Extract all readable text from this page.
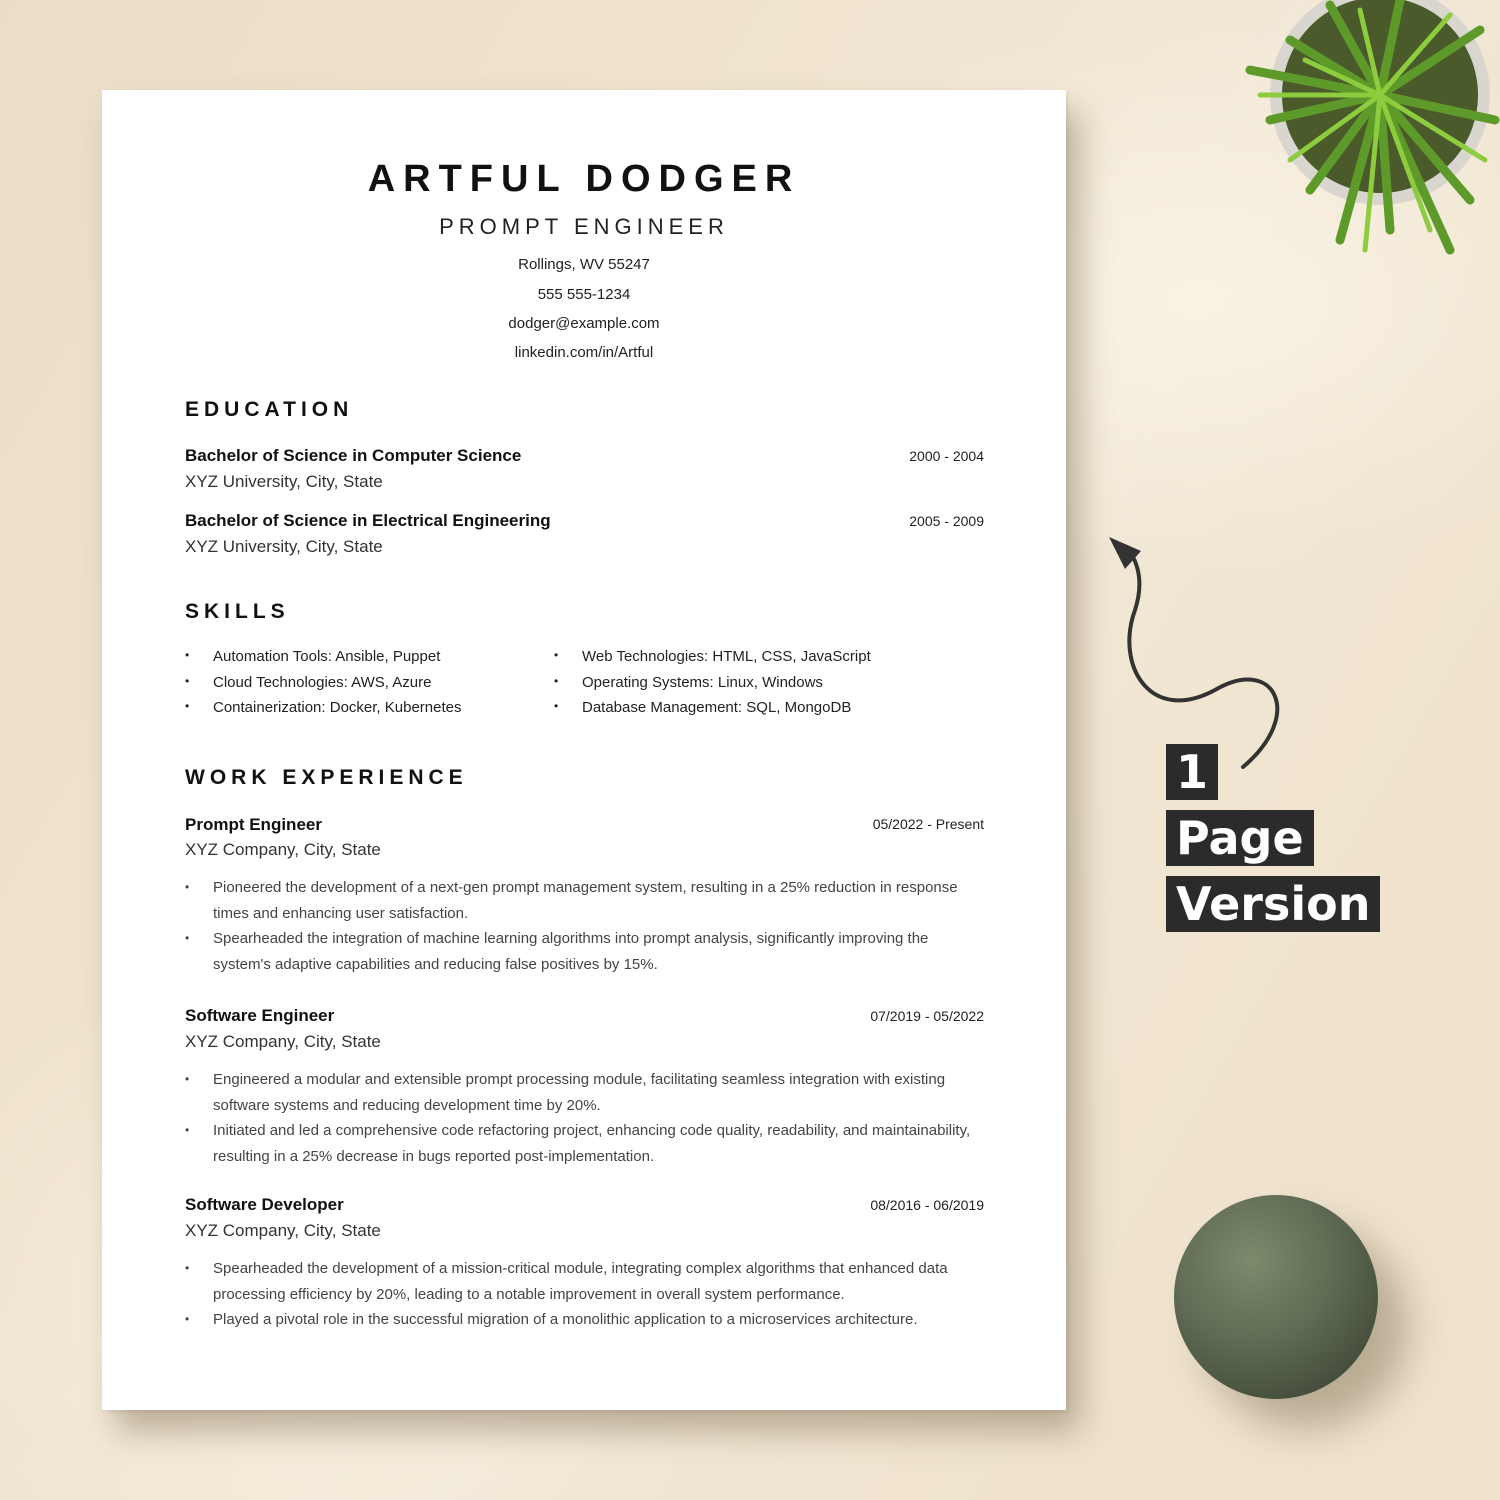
1
Page
Version
ARTFUL DODGER
PROMPT ENGINEER
Rollings, WV 55247
555 555-1234
dodger@example.com
linkedin.com/in/Artful
EDUCATION
Bachelor of Science in Computer Science	2000 - 2004
XYZ University, City, State
Bachelor of Science in Electrical Engineering	2005 - 2009
XYZ University, City, State
SKILLS
• Automation Tools: Ansible, Puppet
• Cloud Technologies: AWS, Azure
• Containerization: Docker, Kubernetes
• Web Technologies: HTML, CSS, JavaScript
• Operating Systems: Linux, Windows
• Database Management: SQL, MongoDB
WORK EXPERIENCE
Prompt Engineer	05/2022 - Present
XYZ Company, City, State
• Pioneered the development of a next-gen prompt management system, resulting in a 25% reduction in response times and enhancing user satisfaction.
• Spearheaded the integration of machine learning algorithms into prompt analysis, significantly improving the system's adaptive capabilities and reducing false positives by 15%.
Software Engineer	07/2019 - 05/2022
XYZ Company, City, State
• Engineered a modular and extensible prompt processing module, facilitating seamless integration with existing software systems and reducing development time by 20%.
• Initiated and led a comprehensive code refactoring project, enhancing code quality, readability, and maintainability, resulting in a 25% decrease in bugs reported post-implementation.
Software Developer	08/2016 - 06/2019
XYZ Company, City, State
• Spearheaded the development of a mission-critical module, integrating complex algorithms that enhanced data processing efficiency by 20%, leading to a notable improvement in overall system performance.
• Played a pivotal role in the successful migration of a monolithic application to a microservices architecture.
